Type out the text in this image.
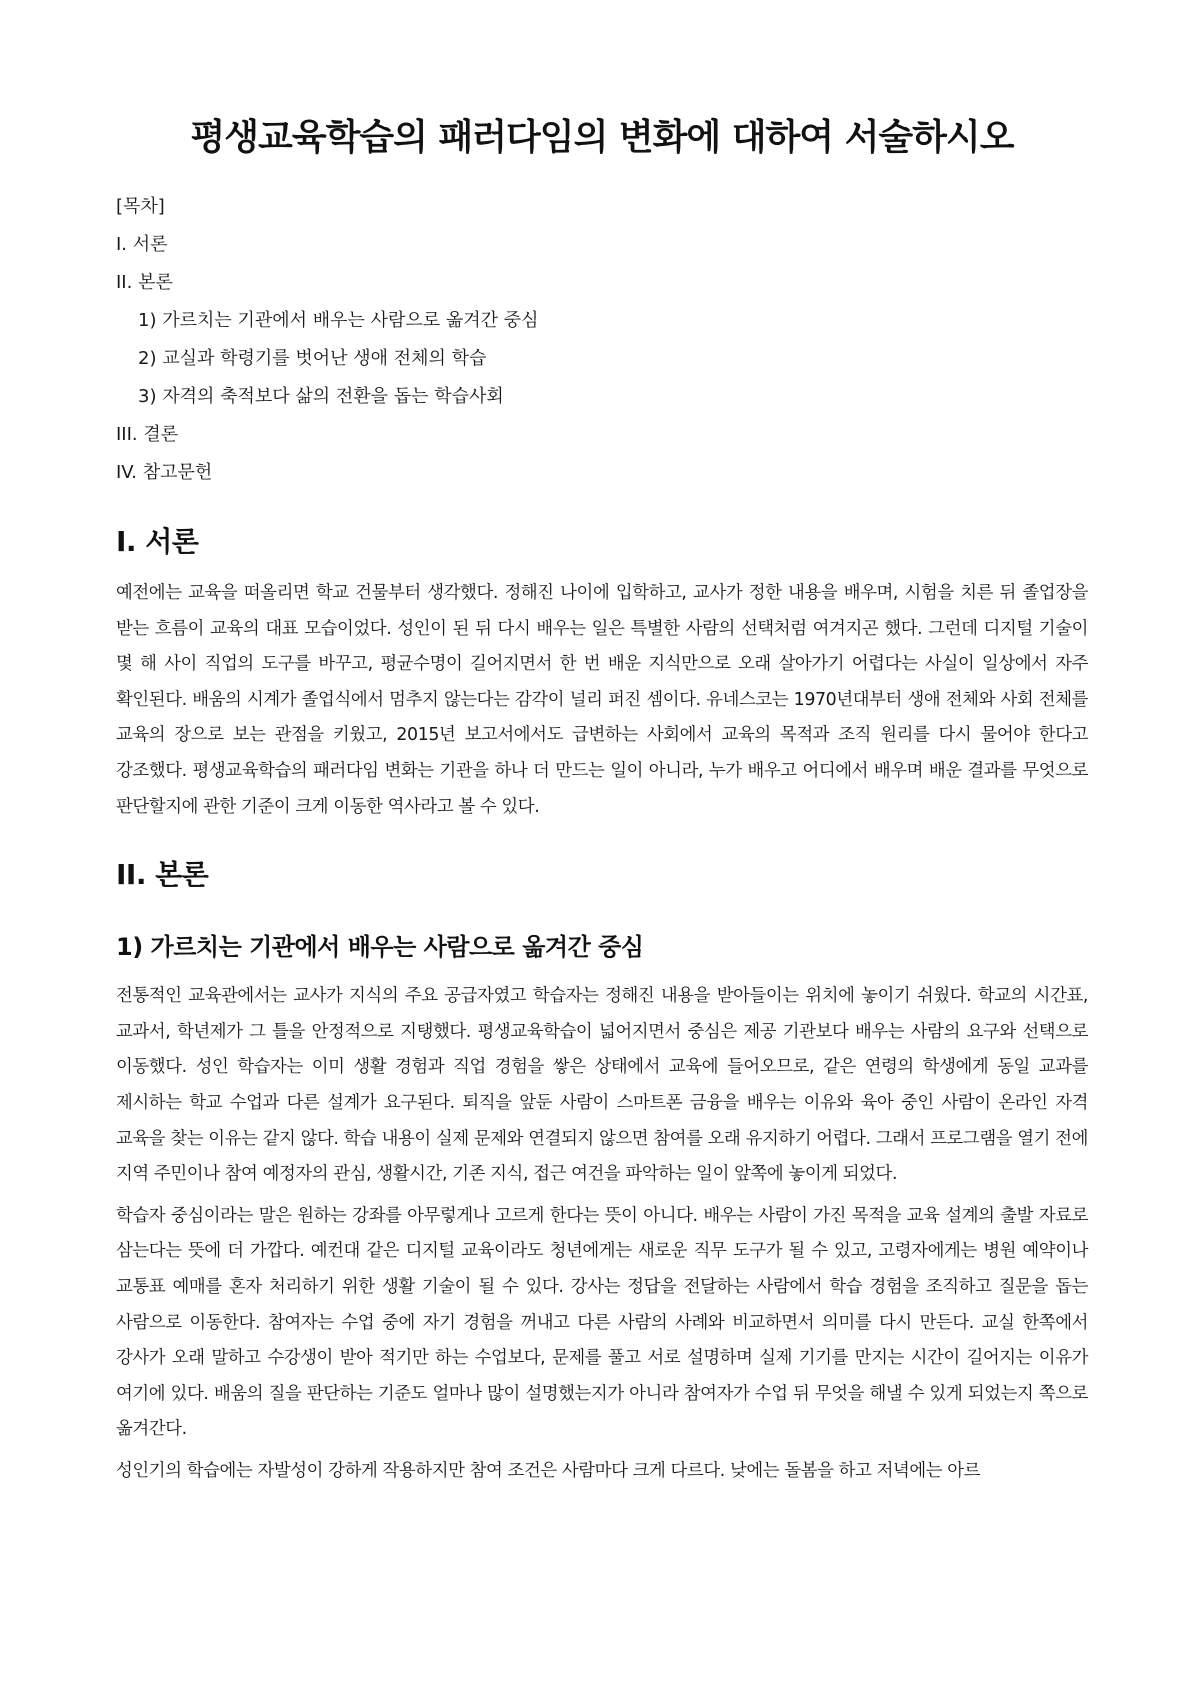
평생교육학습의 패러다임의 변화에 대하여 서술하시오

[목차]

I. 서론

II. 본론

1) 가르치는 기관에서 배우는 사람으로 옮겨간 중심

2) 교실과 학령기를 벗어난 생애 전체의 학습

3) 자격의 축적보다 삶의 전환을 돕는 학습사회

III. 결론

IV. 참고문헌

I. 서론

예전에는 교육을 떠올리면 학교 건물부터 생각했다. 정해진 나이에 입학하고, 교사가 정한 내용을 배우며, 시험을 치른 뒤 졸업장을 받는 흐름이 교육의 대표 모습이었다. 성인이 된 뒤 다시 배우는 일은 특별한 사람의 선택처럼 여겨지곤 했다. 그런데 디지털 기술이 몇 해 사이 직업의 도구를 바꾸고, 평균수명이 길어지면서 한 번 배운 지식만으로 오래 살아가기 어렵다는 사실이 일상에서 자주 확인된다. 배움의 시계가 졸업식에서 멈추지 않는다는 감각이 널리 퍼진 셈이다. 유네스코는 1970년대부터 생애 전체와 사회 전체를 교육의 장으로 보는 관점을 키웠고, 2015년 보고서에서도 급변하는 사회에서 교육의 목적과 조직 원리를 다시 물어야 한다고 강조했다. 평생교육학습의 패러다임 변화는 기관을 하나 더 만드는 일이 아니라, 누가 배우고 어디에서 배우며 배운 결과를 무엇으로 판단할지에 관한 기준이 크게 이동한 역사라고 볼 수 있다.

II. 본론
1) 가르치는 기관에서 배우는 사람으로 옮겨간 중심

전통적인 교육관에서는 교사가 지식의 주요 공급자였고 학습자는 정해진 내용을 받아들이는 위치에 놓이기 쉬웠다. 학교의 시간표, 교과서, 학년제가 그 틀을 안정적으로 지탱했다. 평생교육학습이 넓어지면서 중심은 제공 기관보다 배우는 사람의 요구와 선택으로 이동했다. 성인 학습자는 이미 생활 경험과 직업 경험을 쌓은 상태에서 교육에 들어오므로, 같은 연령의 학생에게 동일 교과를 제시하는 학교 수업과 다른 설계가 요구된다. 퇴직을 앞둔 사람이 스마트폰 금융을 배우는 이유와 육아 중인 사람이 온라인 자격 교육을 찾는 이유는 같지 않다. 학습 내용이 실제 문제와 연결되지 않으면 참여를 오래 유지하기 어렵다. 그래서 프로그램을 열기 전에 지역 주민이나 참여 예정자의 관심, 생활시간, 기존 지식, 접근 여건을 파악하는 일이 앞쪽에 놓이게 되었다.

학습자 중심이라는 말은 원하는 강좌를 아무렇게나 고르게 한다는 뜻이 아니다. 배우는 사람이 가진 목적을 교육 설계의 출발 자료로 삼는다는 뜻에 더 가깝다. 예컨대 같은 디지털 교육이라도 청년에게는 새로운 직무 도구가 될 수 있고, 고령자에게는 병원 예약이나 교통표 예매를 혼자 처리하기 위한 생활 기술이 될 수 있다. 강사는 정답을 전달하는 사람에서 학습 경험을 조직하고 질문을 돕는 사람으로 이동한다. 참여자는 수업 중에 자기 경험을 꺼내고 다른 사람의 사례와 비교하면서 의미를 다시 만든다. 교실 한쪽에서 강사가 오래 말하고 수강생이 받아 적기만 하는 수업보다, 문제를 풀고 서로 설명하며 실제 기기를 만지는 시간이 길어지는 이유가 여기에 있다. 배움의 질을 판단하는 기준도 얼마나 많이 설명했는지가 아니라 참여자가 수업 뒤 무엇을 해낼 수 있게 되었는지 쪽으로 옮겨간다.

성인기의 학습에는 자발성이 강하게 작용하지만 참여 조건은 사람마다 크게 다르다. 낮에는 돌봄을 하고 저녁에는 아르
